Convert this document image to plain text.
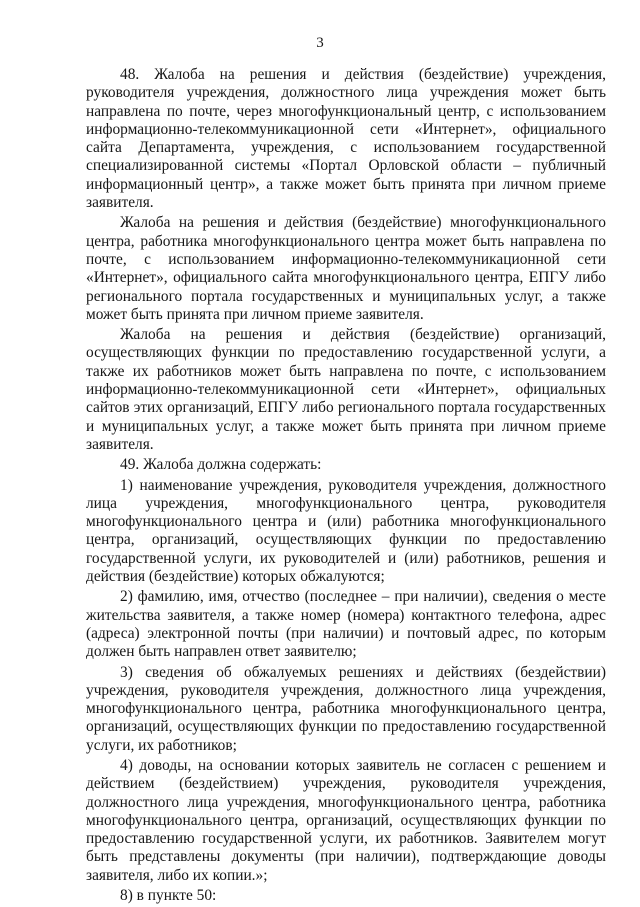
3

48. Жалоба на решения и действия (бездействие) учреждения, руководителя учреждения, должностного лица учреждения может быть направлена по почте, через многофункциональный центр, с использованием информационно-телекоммуникационной сети «Интернет», официального сайта Департамента, учреждения, с использованием государственной специализированной системы «Портал Орловской области – публичный информационный центр», а также может быть принята при личном приеме заявителя.

Жалоба на решения и действия (бездействие) многофункционального центра, работника многофункционального центра может быть направлена по почте, с использованием информационно-телекоммуникационной сети «Интернет», официального сайта многофункционального центра, ЕПГУ либо регионального портала государственных и муниципальных услуг, а также может быть принята при личном приеме заявителя.

Жалоба на решения и действия (бездействие) организаций, осуществляющих функции по предоставлению государственной услуги, а также их работников может быть направлена по почте, с использованием информационно-телекоммуникационной сети «Интернет», официальных сайтов этих организаций, ЕПГУ либо регионального портала государственных и муниципальных услуг, а также может быть принята при личном приеме заявителя.

49. Жалоба должна содержать:

1) наименование учреждения, руководителя учреждения, должностного лица учреждения, многофункционального центра, руководителя многофункционального центра и (или) работника многофункционального центра, организаций, осуществляющих функции по предоставлению государственной услуги, их руководителей и (или) работников, решения и действия (бездействие) которых обжалуются;

2) фамилию, имя, отчество (последнее – при наличии), сведения о месте жительства заявителя, а также номер (номера) контактного телефона, адрес (адреса) электронной почты (при наличии) и почтовый адрес, по которым должен быть направлен ответ заявителю;

3) сведения об обжалуемых решениях и действиях (бездействии) учреждения, руководителя учреждения, должностного лица учреждения, многофункционального центра, работника многофункционального центра, организаций, осуществляющих функции по предоставлению государственной услуги, их работников;

4) доводы, на основании которых заявитель не согласен с решением и действием (бездействием) учреждения, руководителя учреждения, должностного лица учреждения, многофункционального центра, работника многофункционального центра, организаций, осуществляющих функции по предоставлению государственной услуги, их работников. Заявителем могут быть представлены документы (при наличии), подтверждающие доводы заявителя, либо их копии.»;

8) в пункте 50:
